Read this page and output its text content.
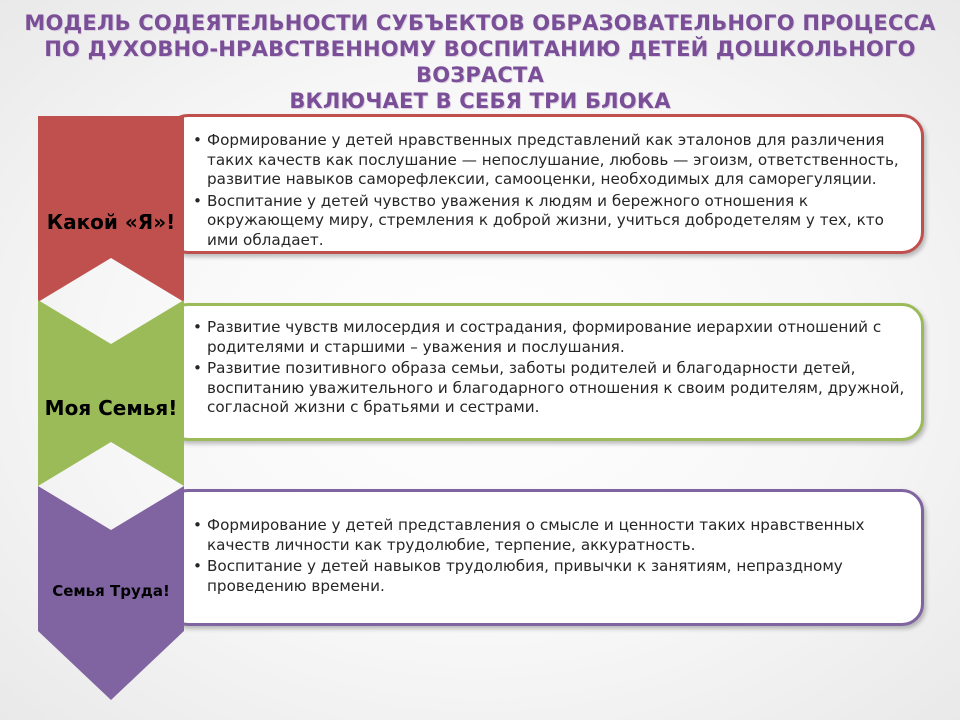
МОДЕЛЬ СОДЕЯТЕЛЬНОСТИ СУБЪЕКТОВ ОБРАЗОВАТЕЛЬНОГО ПРОЦЕССА
ПО ДУХОВНО-НРАВСТВЕННОМУ ВОСПИТАНИЮ ДЕТЕЙ ДОШКОЛЬНОГО ВОЗРАСТА
ВКЛЮЧАЕТ В СЕБЯ ТРИ БЛОКА
• Формирование у детей нравственных представлений как эталонов для различения таких качеств как послушание — непослушание, любовь — эгоизм, ответственность, развитие навыков саморефлексии, самооценки, необходимых для саморегуляции.
• Воспитание у детей чувство уважения к людям и бережного отношения к окружающему миру, стремления к доброй жизни, учиться добродетелям у тех, кто ими обладает.
Какой «Я»!
• Развитие чувств милосердия и сострадания, формирование иерархии отношений с родителями и старшими – уважения и послушания.
• Развитие позитивного образа семьи, заботы родителей и благодарности детей, воспитанию уважительного и благодарного отношения к своим родителям, дружной, согласной жизни с братьями и сестрами.
Моя Семья!
• Формирование у детей представления о смысле и ценности таких нравственных качеств личности как трудолюбие, терпение, аккуратность.
• Воспитание у детей навыков трудолюбия, привычки к занятиям, непраздному проведению времени.
Семья Труда!
